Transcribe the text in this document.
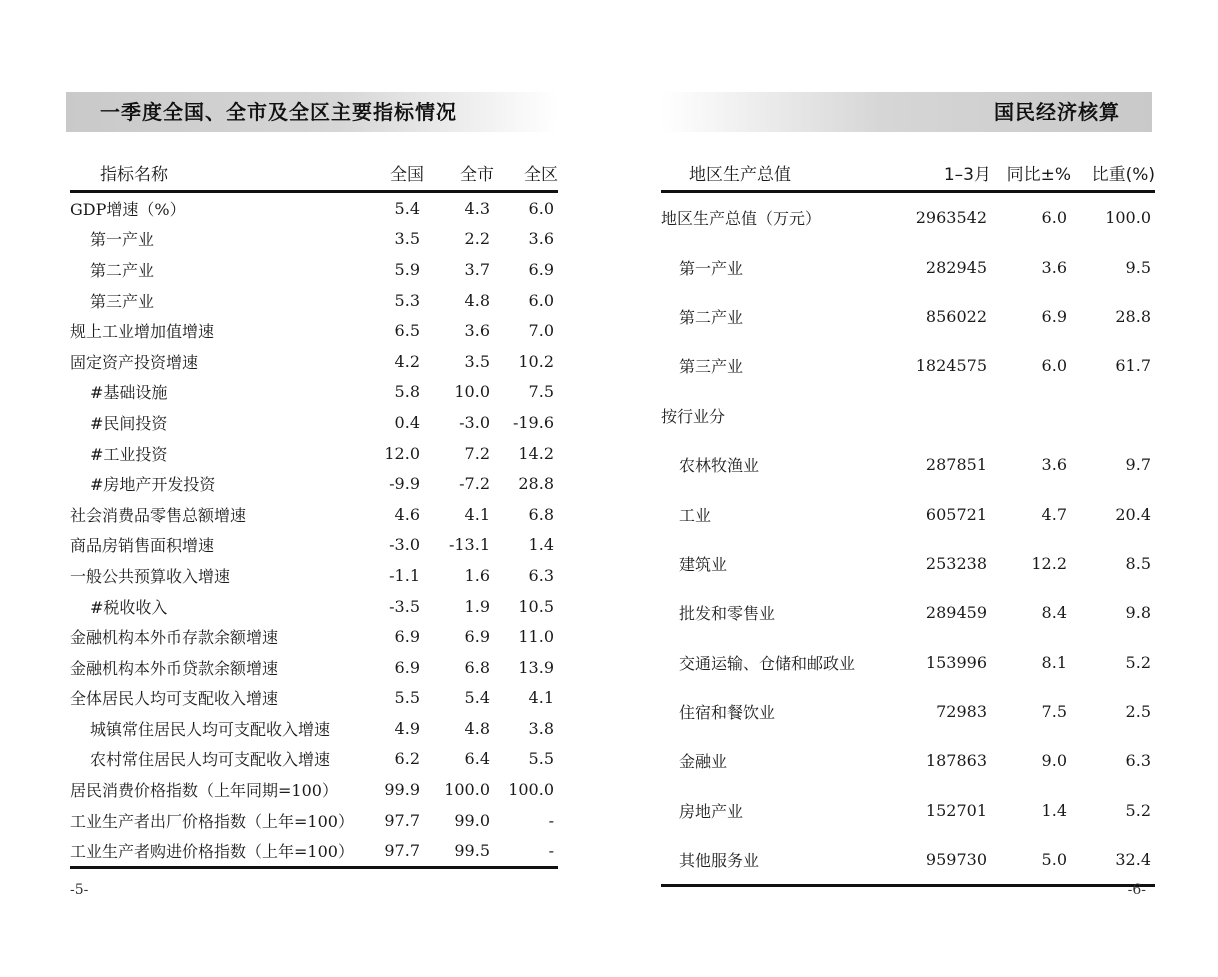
一季度全国、全市及全区主要指标情况
指标名称	全国	全市	全区
GDP增速（%）	5.4	4.3	6.0
第一产业	3.5	2.2	3.6
第二产业	5.9	3.7	6.9
第三产业	5.3	4.8	6.0
规上工业增加值增速	6.5	3.6	7.0
固定资产投资增速	4.2	3.5	10.2
#基础设施	5.8	10.0	7.5
#民间投资	0.4	-3.0	-19.6
#工业投资	12.0	7.2	14.2
#房地产开发投资	-9.9	-7.2	28.8
社会消费品零售总额增速	4.6	4.1	6.8
商品房销售面积增速	-3.0	-13.1	1.4
一般公共预算收入增速	-1.1	1.6	6.3
#税收收入	-3.5	1.9	10.5
金融机构本外币存款余额增速	6.9	6.9	11.0
金融机构本外币贷款余额增速	6.9	6.8	13.9
全体居民人均可支配收入增速	5.5	5.4	4.1
城镇常住居民人均可支配收入增速	4.9	4.8	3.8
农村常住居民人均可支配收入增速	6.2	6.4	5.5
居民消费价格指数（上年同期=100）	99.9	100.0	100.0
工业生产者出厂价格指数（上年=100）	97.7	99.0	-
工业生产者购进价格指数（上年=100）	97.7	99.5	-
-5-
国民经济核算
地区生产总值	1–3月	同比±%	比重(%)
地区生产总值（万元）	2963542	6.0	100.0
第一产业	282945	3.6	9.5
第二产业	856022	6.9	28.8
第三产业	1824575	6.0	61.7
按行业分			
农林牧渔业	287851	3.6	9.7
工业	605721	4.7	20.4
建筑业	253238	12.2	8.5
批发和零售业	289459	8.4	9.8
交通运输、仓储和邮政业	153996	8.1	5.2
住宿和餐饮业	72983	7.5	2.5
金融业	187863	9.0	6.3
房地产业	152701	1.4	5.2
其他服务业	959730	5.0	32.4
-6-
